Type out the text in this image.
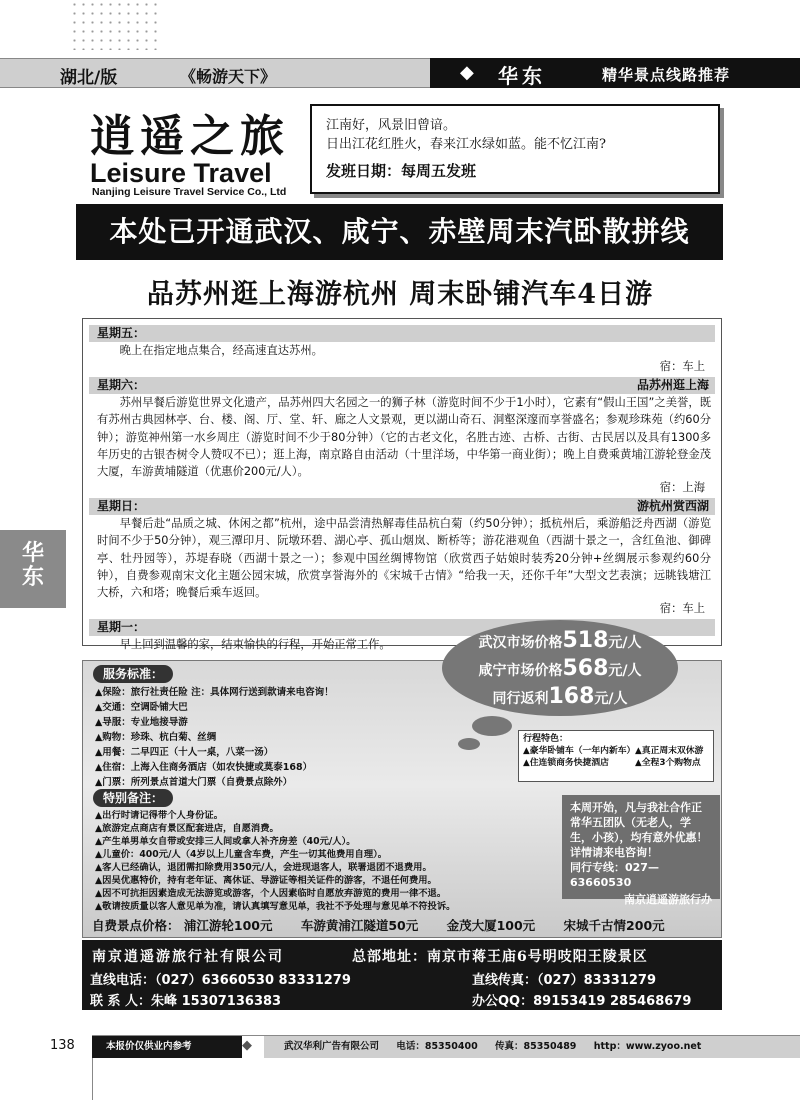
湖北/版	《畅游天下》	◆ 华东	精华景点线路推荐
逍遥之旅
Leisure Travel
Nanjing Leisure Travel Service Co., Ltd
江南好，风景旧曾谙。
日出江花红胜火，春来江水绿如蓝。能不忆江南?
发班日期：每周五发班
本处已开通武汉、咸宁、赤壁周末汽卧散拼线
品苏州逛上海游杭州 周末卧铺汽车4日游
星期五：
晚上在指定地点集合，经高速直达苏州。
宿：车上
星期六：	品苏州逛上海
苏州早餐后游览世界文化遗产，品苏州四大名园之一的狮子林（游览时间不少于1小时），它素有“假山王国”之美誉，既有苏州古典园林亭、台、楼、阁、厅、堂、轩、廊之人文景观，更以湖山奇石、洞壑深邃而享誉盛名；参观珍珠苑（约60分钟）；游览神州第一水乡周庄（游览时间不少于80分钟）（它的古老文化，名胜古迹、古桥、古街、古民居以及具有1300多年历史的古银杏树令人赞叹不已）；逛上海，南京路自由活动（十里洋场，中华第一商业街）；晚上自费乘黄埔江游轮登金茂大厦，车游黄埔隧道（优惠价200元/人）。
宿：上海
星期日：	游杭州赏西湖
早餐后赴“品质之城、休闲之都”杭州，途中品尝清热解毒佳品杭白菊（约50分钟）；抵杭州后，乘游船泛舟西湖（游览时间不少于50分钟），观三潭印月、阮墩环碧、湖心亭、孤山烟岚、断桥等；游花港观鱼（西湖十景之一，含红鱼池、御碑亭、牡丹园等），苏堤春晓（西湖十景之一）；参观中国丝绸博物馆（欣赏西子姑娘时装秀20分钟+丝绸展示参观约60分钟），自费参观南宋文化主题公园宋城，欣赏享誉海外的《宋城千古情》“给我一天，还你千年”大型文艺表演；远眺钱塘江大桥，六和塔；晚餐后乘车返回。
宿：车上
星期一：
早上回到温馨的家，结束愉快的行程，开始正常工作。
华
东
服务标准：
▲保险：旅行社责任险 注：具体网行送到款请来电咨询！
▲交通：空调卧铺大巴
▲导服：专业地接导游
▲购物：珍珠、杭白菊、丝绸
▲用餐：二早四正（十人一桌，八菜一汤）
▲住宿：上海入住商务酒店（如农快捷或莫泰168）
▲门票：所列景点首道大门票（自费景点除外）
特别备注：
▲出行时请记得带个人身份证。
▲旅游定点商店有景区配套进店，自愿消费。
▲产生单男单女自带或安排三人间或拿人补齐房差（40元/人）。
▲儿童价：400元/人（4岁以上儿童含车费，产生一切其他费用自理）。
▲客人已经确认，退团需扣除费用350元/人，会进现退客人，联署退团不退费用。
▲因吴优惠特价，持有老年证、离休证、导游证等相关证件的游客，不退任何费用。
▲因不可抗拒因素造成无法游览或游客，个人因素临时自愿放弃游览的费用一律不退。
▲敬请按质量以客人意见单为准，请认真填写意见单，我社不予处理与意见单不符投诉。
武汉市场价格518元/人
咸宁市场价格568元/人
同行返利168元/人
行程特色：
▲豪华卧铺车（一年内新车） ▲真正周末双休游
▲住连锁商务快捷酒店	▲全程3个购物点
本周开始，凡与我社合作正常华五团队（无老人，学生，小孩），均有意外优惠！详情请来电咨询！
同行专线：027—63660530
南京逍遥游旅行办
自费景点价格： 浦江游轮100元 车游黄浦江隧道50元 金茂大厦100元 宋城千古情200元
南京逍遥游旅行社有限公司	总部地址：南京市蒋王庙6号明吱阳王陵景区
直线电话：（027）63660530 83331279	直线传真：（027）83331279
联 系 人：朱峰 15307136383	办公QQ：89153419 285468679
138	本报价仅供业内参考	◆	武汉华利广告有限公司 电话：85350400 传真：85350489 http：www.zyoo.net
